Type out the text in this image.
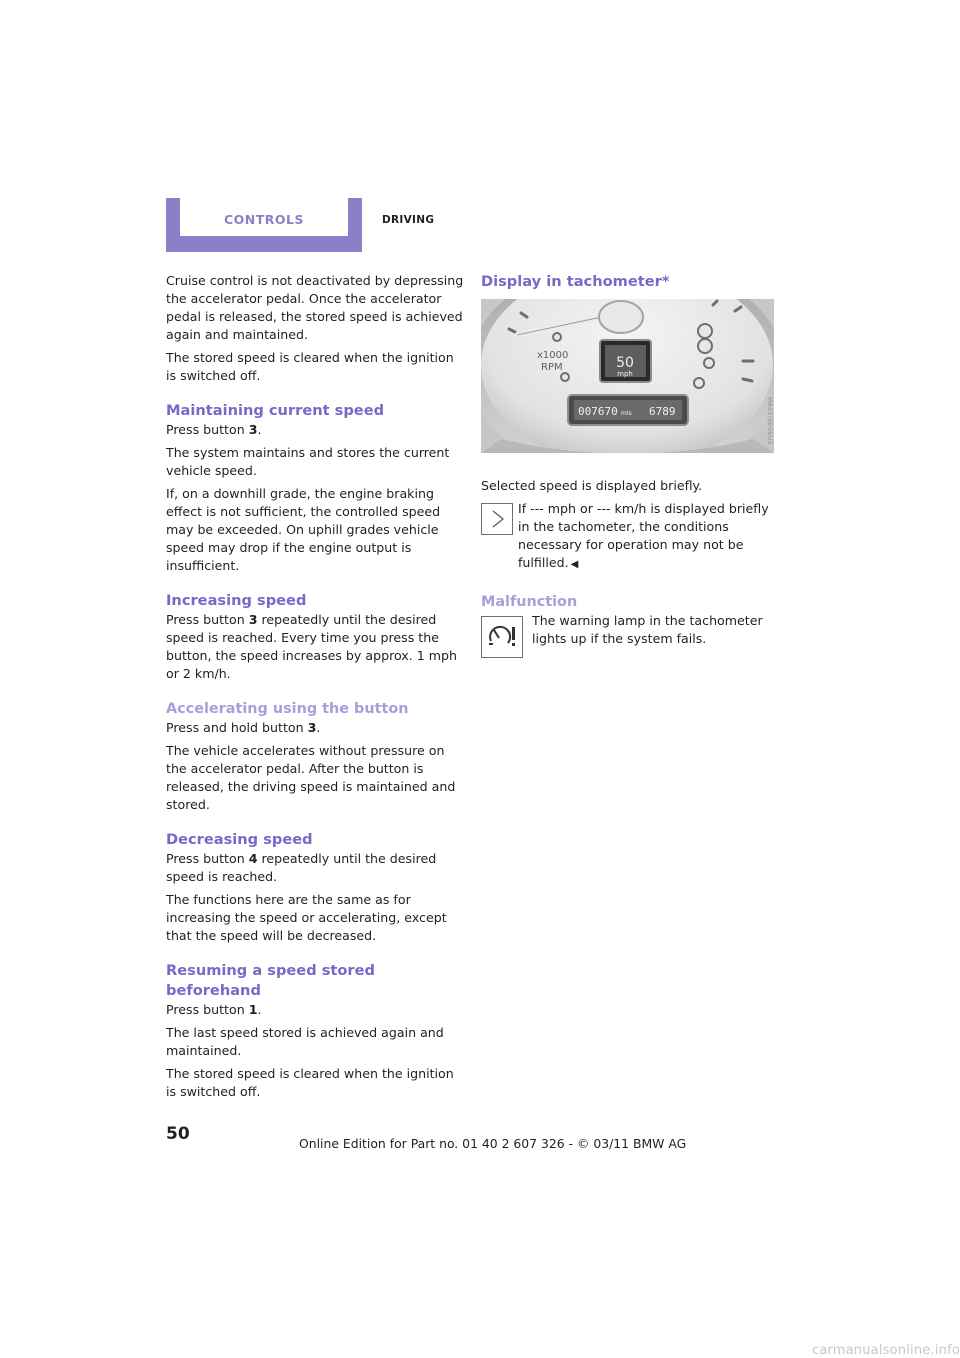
CONTROLS	DRIVING

Cruise control is not deactivated by depressing the accelerator pedal. Once the accelerator pedal is released, the stored speed is achieved again and maintained.

The stored speed is cleared when the ignition is switched off.

Maintaining current speed

Press button 3.

The system maintains and stores the current vehicle speed.

If, on a downhill grade, the engine braking effect is not sufficient, the controlled speed may be exceeded. On uphill grades vehicle speed may drop if the engine output is insufficient.

Increasing speed

Press button 3 repeatedly until the desired speed is reached. Every time you press the button, the speed increases by approx. 1 mph or 2 km/h.

Accelerating using the button

Press and hold button 3.

The vehicle accelerates without pressure on the accelerator pedal. After the button is released, the driving speed is maintained and stored.

Decreasing speed

Press button 4 repeatedly until the desired speed is reached.

The functions here are the same as for increasing the speed or accelerating, except that the speed will be decreased.

Resuming a speed stored beforehand

Press button 1.

The last speed stored is achieved again and maintained.

The stored speed is cleared when the ignition is switched off.

Display in tachometer*

Selected speed is displayed briefly.

If --- mph or --- km/h is displayed briefly in the tachometer, the conditions necessary for operation may not be fulfilled. ◀

Malfunction

The warning lamp in the tachometer lights up if the system fails.

x1000
RPM	50
mph
007670 mls 6789	MA05/0006US
50	Online Edition for Part no. 01 40 2 607 326 - © 03/11 BMW AG
carmanualsonline.info
